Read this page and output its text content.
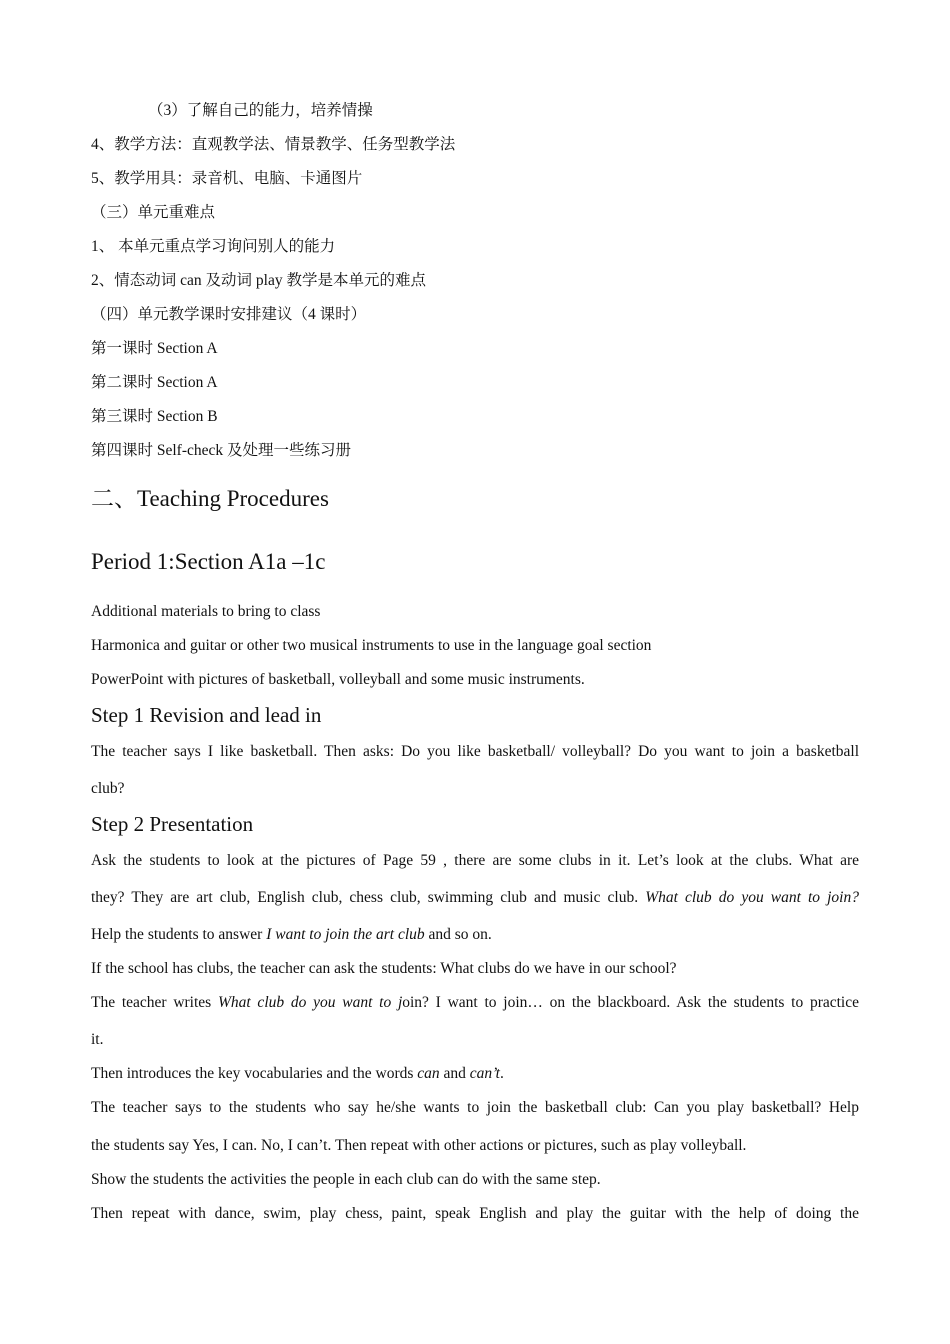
（3）了解自己的能力，培养情操
4、教学方法：直观教学法、情景教学、任务型教学法
5、教学用具：录音机、电脑、卡通图片
（三）单元重难点
1、 本单元重点学习询问别人的能力
2、情态动词 can 及动词 play 教学是本单元的难点
（四）单元教学课时安排建议（4 课时）
第一课时 Section A
第二课时 Section A
第三课时 Section B
第四课时 Self-check 及处理一些练习册
二、Teaching Procedures
Period 1:Section A1a –1c
Additional materials to bring to class
Harmonica and guitar or other two musical instruments to use in the language goal section
PowerPoint with pictures of basketball, volleyball and some music instruments.
Step 1 Revision and lead in
The teacher says I like basketball. Then asks: Do you like basketball/ volleyball? Do you want to join a basketball
club?
Step 2 Presentation
Ask the students to look at the pictures of Page 59 , there are some clubs in it. Let’s look at the clubs. What are
they? They are art club, English club, chess club, swimming club and music club. What club do you want to join?
Help the students to answer I want to join the art club and so on.
If the school has clubs, the teacher can ask the students: What clubs do we have in our school?
The teacher writes What club do you want to join? I want to join… on the blackboard. Ask the students to practice
it.
Then introduces the key vocabularies and the words can and can’t.
The teacher says to the students who say he/she wants to join the basketball club: Can you play basketball? Help
the students say Yes, I can. No, I can’t. Then repeat with other actions or pictures, such as play volleyball.
Show the students the activities the people in each club can do with the same step.
Then repeat with dance, swim, play chess, paint, speak English and play the guitar with the help of doing the
